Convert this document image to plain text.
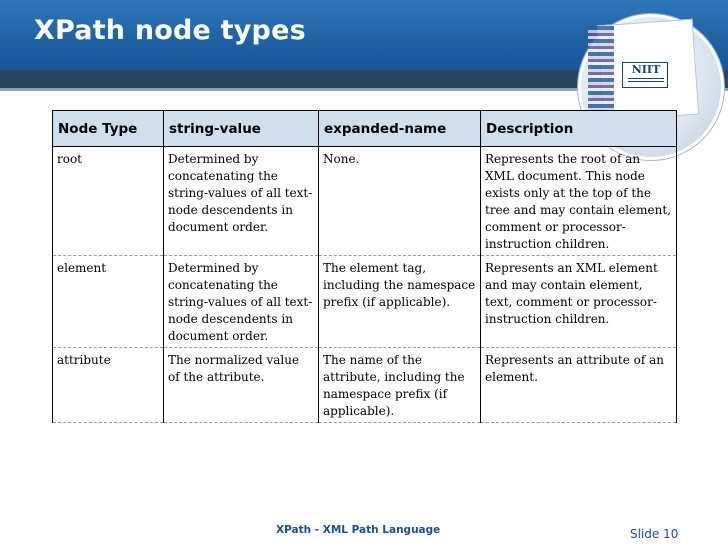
XPath node types
NIIT
Node Type	string-value	expanded-name	Description
root	Determined by concatenating the string-values of all text-node descendents in document order.	None.	Represents the root of an XML document. This node exists only at the top of the tree and may contain element, comment or processor-instruction children.
element	Determined by concatenating the string-values of all text-node descendents in document order.	The element tag, including the namespace prefix (if applicable).	Represents an XML element and may contain element, text, comment or processor-instruction children.
attribute	The normalized value of the attribute.	The name of the attribute, including the namespace prefix (if applicable).	Represents an attribute of an element.
XPath - XML Path Language	Slide 10
